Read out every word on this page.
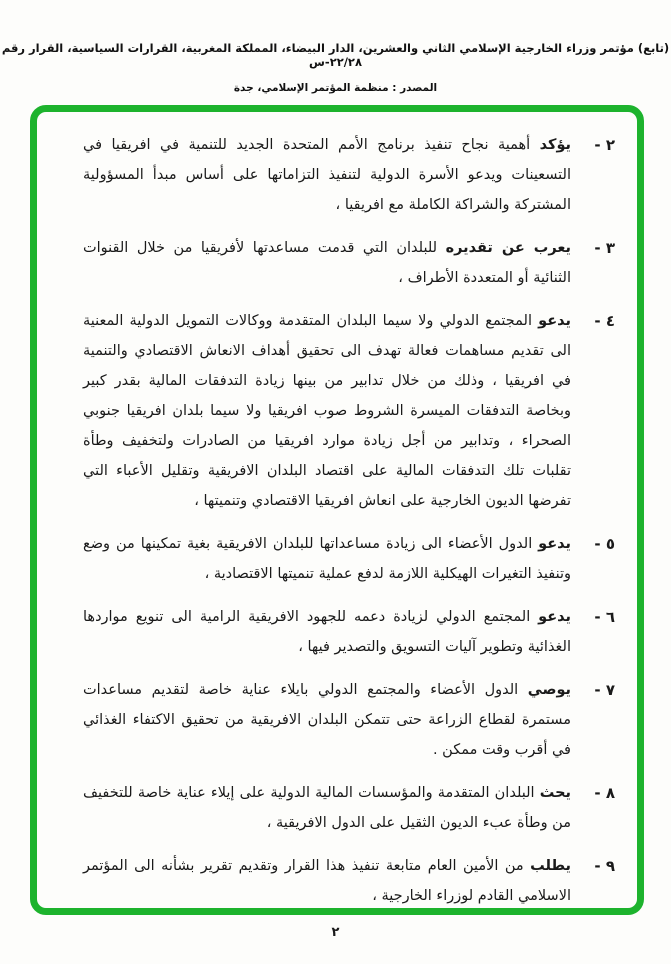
(تابع) مؤتمر وزراء الخارجية الإسلامي الثاني والعشرين، الدار البيضاء، المملكة المغربية، القرارات السياسية، القرار رقم ٢٢/٢٨-س
المصدر : منظمة المؤتمر الإسلامي، جدة
٢ -

يؤكد أهمية نجاح تنفيذ برنامج الأمم المتحدة الجديد للتنمية في افريقيا في التسعينات ويدعو الأسرة الدولية لتنفيذ التزاماتها على أساس مبدأ المسؤولية المشتركة والشراكة الكاملة مع افريقيا ،

٣ -

يعرب عن تقديره للبلدان التي قدمت مساعدتها لأفريقيا من خلال القنوات الثنائية أو المتعددة الأطراف ،

٤ -

يدعو المجتمع الدولي ولا سيما البلدان المتقدمة ووكالات التمويل الدولية المعنية الى تقديم مساهمات فعالة تهدف الى تحقيق أهداف الانعاش الاقتصادي والتنمية في افريقيا ، وذلك من خلال تدابير من بينها زيادة التدفقات المالية بقدر كبير وبخاصة التدفقات الميسرة الشروط صوب افريقيا ولا سيما بلدان افريقيا جنوبي الصحراء ، وتدابير من أجل زيادة موارد افريقيا من الصادرات ولتخفيف وطأة تقلبات تلك التدفقات المالية على اقتصاد البلدان الافريقية وتقليل الأعباء التي تفرضها الديون الخارجية على انعاش افريقيا الاقتصادي وتنميتها ،

٥ -

يدعو الدول الأعضاء الى زيادة مساعداتها للبلدان الافريقية بغية تمكينها من وضع وتنفيذ التغيرات الهيكلية اللازمة لدفع عملية تنميتها الاقتصادية ،

٦ -

يدعو المجتمع الدولي لزيادة دعمه للجهود الافريقية الرامية الى تنويع مواردها الغذائية وتطوير آليات التسويق والتصدير فيها ،

٧ -

يوصي الدول الأعضاء والمجتمع الدولي بايلاء عناية خاصة لتقديم مساعدات مستمرة لقطاع الزراعة حتى تتمكن البلدان الافريقية من تحقيق الاكتفاء الغذائي في أقرب وقت ممكن .

٨ -

يحث البلدان المتقدمة والمؤسسات المالية الدولية على إيلاء عناية خاصة للتخفيف من وطأة عبء الديون الثقيل على الدول الافريقية ،

٩ -

يطلب من الأمين العام متابعة تنفيذ هذا القرار وتقديم تقرير بشأنه الى المؤتمر الاسلامي القادم لوزراء الخارجية ،

٢
